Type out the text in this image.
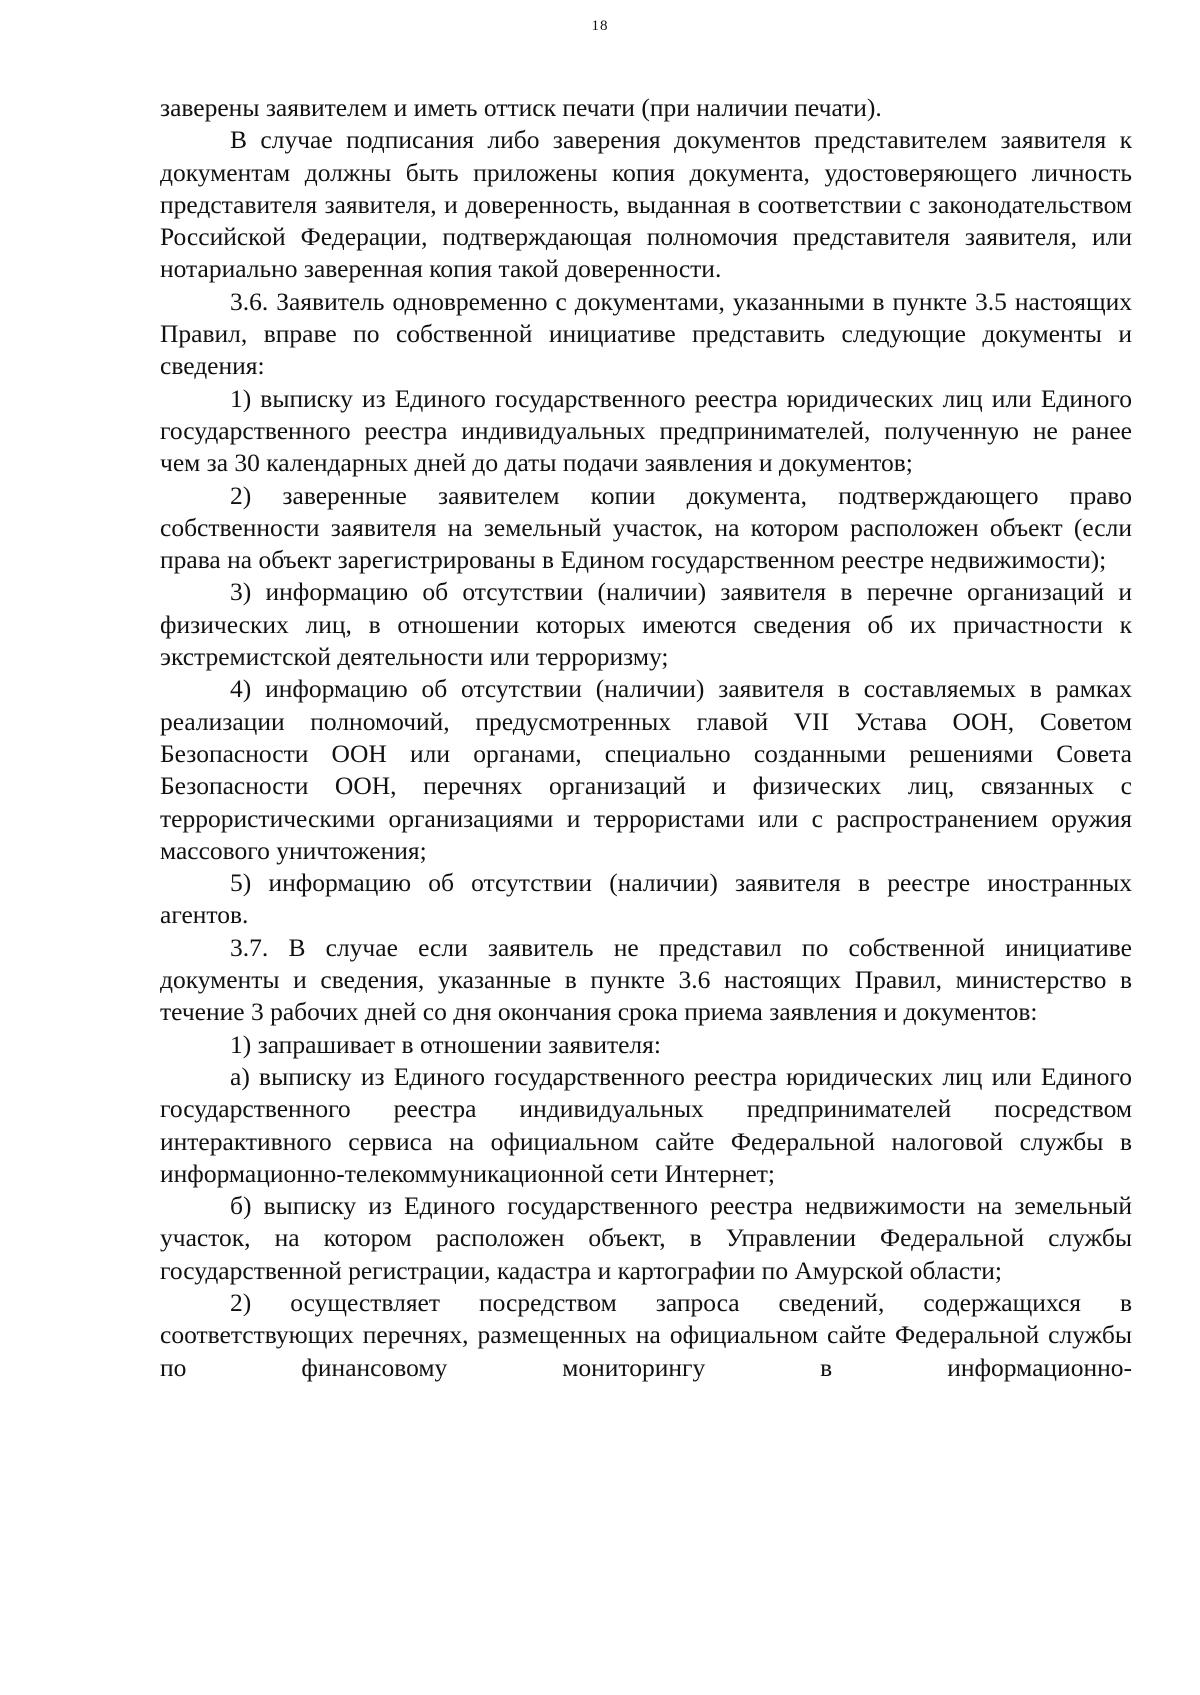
18

заверены заявителем и иметь оттиск печати (при наличии печати).

В случае подписания либо заверения документов представителем заявителя к документам должны быть приложены копия документа, удостоверяющего личность представителя заявителя, и доверенность, выданная в соответствии с законодательством Российской Федерации, подтверждающая полномочия представителя заявителя, или нотариально заверенная копия такой доверенности.

3.6. Заявитель одновременно с документами, указанными в пункте 3.5 настоящих Правил, вправе по собственной инициативе представить следующие документы и сведения:

1) выписку из Единого государственного реестра юридических лиц или Единого государственного реестра индивидуальных предпринимателей, полученную не ранее чем за 30 календарных дней до даты подачи заявления и документов;

2) заверенные заявителем копии документа, подтверждающего право собственности заявителя на земельный участок, на котором расположен объект (если права на объект зарегистрированы в Едином государственном реестре недвижимости);

3) информацию об отсутствии (наличии) заявителя в перечне организаций и физических лиц, в отношении которых имеются сведения об их причастности к экстремистской деятельности или терроризму;

4) информацию об отсутствии (наличии) заявителя в составляемых в рамках реализации полномочий, предусмотренных главой VII Устава ООН, Советом Безопасности ООН или органами, специально созданными решениями Совета Безопасности ООН, перечнях организаций и физических лиц, связанных с террористическими организациями и террористами или с распространением оружия массового уничтожения;

5) информацию об отсутствии (наличии) заявителя в реестре иностранных агентов.

3.7. В случае если заявитель не представил по собственной инициативе документы и сведения, указанные в пункте 3.6 настоящих Правил, министерство в течение 3 рабочих дней со дня окончания срока приема заявления и документов:

1) запрашивает в отношении заявителя:

а) выписку из Единого государственного реестра юридических лиц или Единого государственного реестра индивидуальных предпринимателей посредством интерактивного сервиса на официальном сайте Федеральной налоговой службы в информационно-телекоммуникационной сети Интернет;

б) выписку из Единого государственного реестра недвижимости на земельный участок, на котором расположен объект, в Управлении Федеральной службы государственной регистрации, кадастра и картографии по Амурской области;

2) осуществляет посредством запроса сведений, содержащихся в соответствующих перечнях, размещенных на официальном сайте Федеральной службы по финансовому мониторингу в информационно-
